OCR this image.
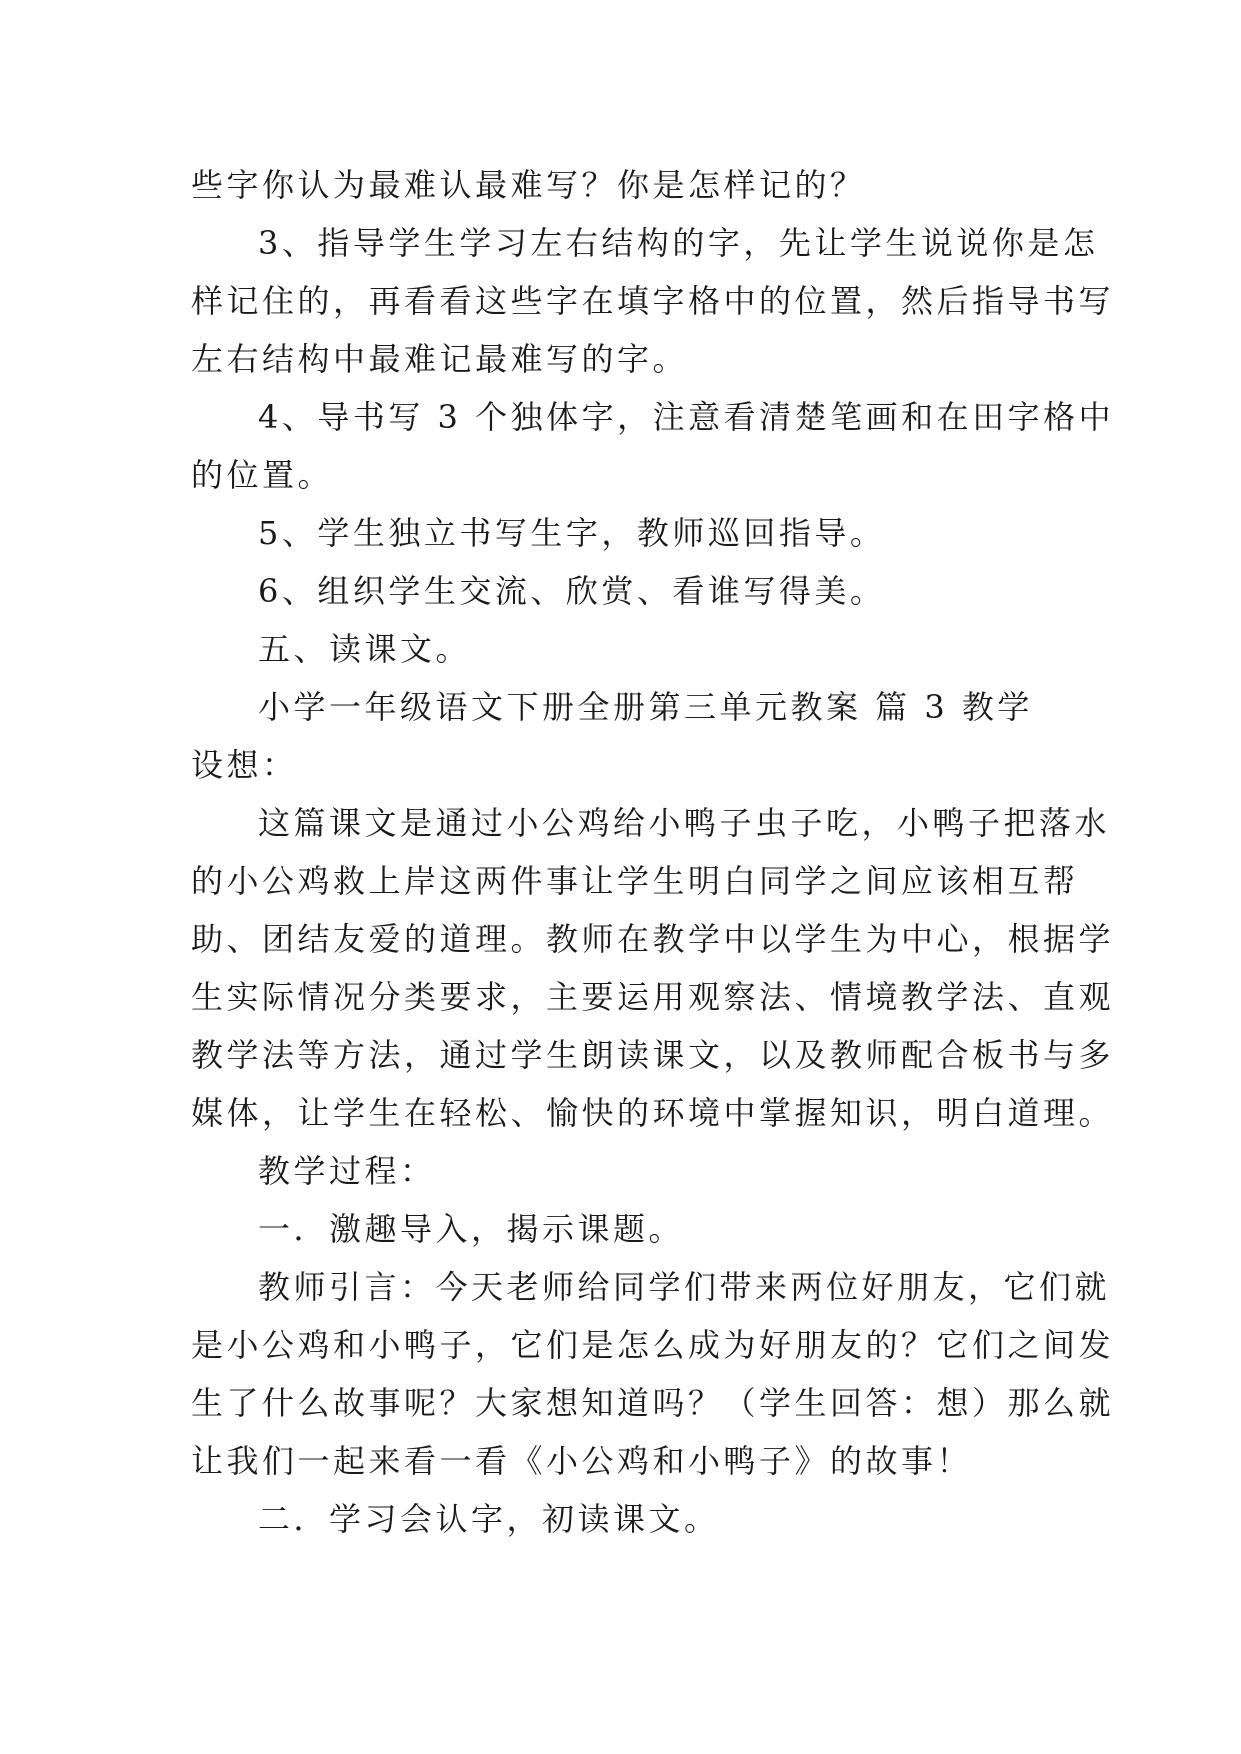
些字你认为最难认最难写？你是怎样记的？
3、指导学生学习左右结构的字，先让学生说说你是怎
样记住的，再看看这些字在填字格中的位置，然后指导书写
左右结构中最难记最难写的字。
4、导书写 3 个独体字，注意看清楚笔画和在田字格中
的位置。
5、学生独立书写生字，教师巡回指导。
6、组织学生交流、欣赏、看谁写得美。
五、读课文。
小学一年级语文下册全册第三单元教案 篇 3 教学
设想：
这篇课文是通过小公鸡给小鸭子虫子吃，小鸭子把落水
的小公鸡救上岸这两件事让学生明白同学之间应该相互帮
助、团结友爱的道理。教师在教学中以学生为中心，根据学
生实际情况分类要求，主要运用观察法、情境教学法、直观
教学法等方法，通过学生朗读课文，以及教师配合板书与多
媒体，让学生在轻松、愉快的环境中掌握知识，明白道理。
教学过程：
一．激趣导入，揭示课题。
教师引言：今天老师给同学们带来两位好朋友，它们就
是小公鸡和小鸭子，它们是怎么成为好朋友的？它们之间发
生了什么故事呢？大家想知道吗？（学生回答：想）那么就
让我们一起来看一看《小公鸡和小鸭子》的故事！
二．学习会认字，初读课文。
